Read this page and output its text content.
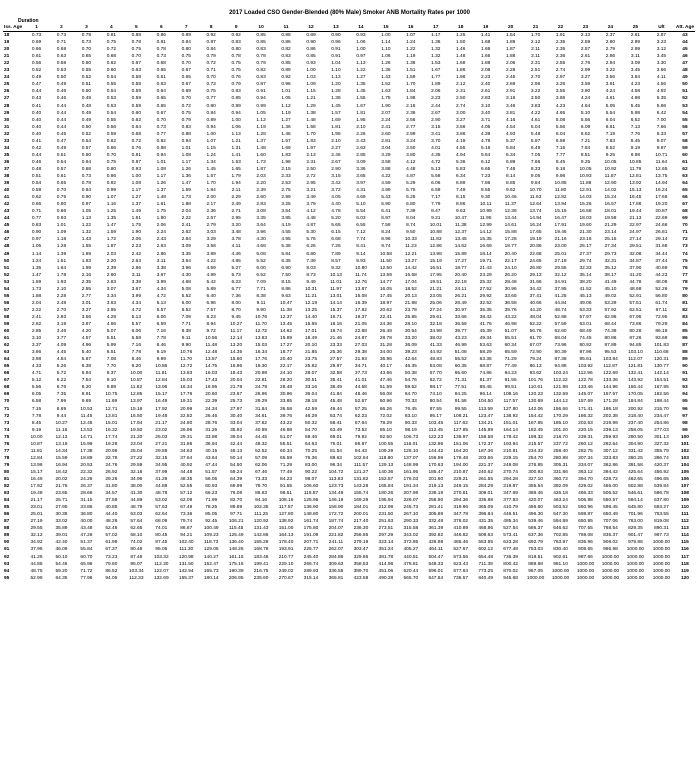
2017 Loaded CSO Gender-Blended (80% Male) Smoker ANB Mortality Rates per 1000
Duration
Iss. Age	1	2	3	4	5	6	7	8	9	10	11	12	13	14	15	16	17	18	19	20	21	22	23	24	25	Ult	Att. Age
18	0.73	0.73	0.79	0.81	0.88	0.86	0.89	0.92	0.92	0.85	0.88	0.89	0.90	0.93	1.00	1.07	1.17	1.25	1.41	1.54	1.70	1.91	2.13	2.37	2.61	2.87	43
19	0.69	0.71	0.73	0.75	0.78	0.81	0.84	0.87	0.83	0.85	0.86	0.90	0.96	1.06	1.14	1.24	1.36	1.50	1.68	1.89	2.12	2.35	2.59	2.80	2.99	3.23	44
20	0.66	0.68	0.70	0.72	0.75	0.78	0.80	0.84	0.80	0.83	0.82	0.86	0.91	1.00	1.10	1.22	1.32	1.46	1.66	1.87	2.11	2.35	2.57	2.79	2.99	3.12	45
21	0.61	0.63	0.65	0.68	0.70	0.73	0.75	0.79	0.78	0.78	0.83	0.85	0.91	0.97	1.06	1.19	1.32	1.48	1.66	1.88	2.11	2.36	2.61	2.86	3.11	3.45	46
22	0.56	0.58	0.60	0.62	0.67	0.68	0.70	0.72	0.75	0.79	0.85	0.93	1.04	1.13	1.26	1.38	1.53	1.68	1.88	2.06	2.31	2.55	2.76	2.94	3.09	3.30	47
23	0.52	0.53	0.55	0.60	0.63	0.65	0.67	0.71	0.75	0.82	0.89	1.00	1.10	1.22	1.36	1.51	1.67	1.86	2.08	2.28	2.51	2.74	2.99	3.22	3.45	3.66	48
24	0.49	0.50	0.52	0.54	0.58	0.61	0.65	0.70	0.76	0.83	0.92	1.03	1.13	1.27	1.43	1.59	1.77	1.98	2.23	2.45	2.70	2.97	3.27	3.56	3.84	4.11	49
25	0.47	0.49	0.51	0.55	0.58	0.63	0.67	0.73	0.79	0.87	0.96	1.09	1.20	1.35	1.52	1.70	1.89	2.12	2.40	2.69	2.96	3.26	3.59	3.91	4.23	4.56	50
26	0.44	0.46	0.50	0.54	0.59	0.64	0.69	0.75	0.83	0.91	1.01	1.15	1.28	1.45	1.63	1.84	2.06	2.31	2.61	2.91	3.22	3.55	3.90	4.24	4.58	4.92	51
27	0.43	0.46	0.49	0.53	0.59	0.65	0.70	0.77	0.85	0.94	1.05	1.21	1.36	1.55	1.75	1.98	2.23	2.50	2.83	3.16	3.50	3.86	4.24	4.61	4.98	5.35	52
28	0.41	0.44	0.48	0.53	0.59	0.65	0.72	0.80	0.89	0.99	1.12	1.29	1.45	1.67	1.90	2.16	2.44	2.74	3.10	3.46	3.83	4.23	4.64	5.05	5.45	5.86	53
29	0.40	0.44	0.49	0.54	0.60	0.67	0.75	0.84	0.94	1.05	1.19	1.38	1.57	1.81	2.07	2.36	2.67	3.00	3.40	3.81	4.22	4.65	5.10	5.54	5.98	6.42	54
30	0.40	0.44	0.49	0.55	0.62	0.70	0.79	0.89	1.00	1.12	1.27	1.48	1.69	1.95	2.24	2.56	2.90	3.27	3.71	4.16	4.61	5.08	5.56	6.04	6.52	7.00	55
31	0.40	0.44	0.50	0.56	0.64	0.73	0.83	0.94	1.06	1.19	1.36	1.58	1.81	2.10	2.41	2.77	3.15	3.56	4.05	4.54	5.04	5.56	6.09	6.61	7.13	7.66	56
32	0.40	0.45	0.52	0.59	0.68	0.77	0.88	1.00	1.13	1.28	1.46	1.70	1.95	2.26	2.60	2.99	3.41	3.86	4.39	4.93	5.48	6.04	6.62	7.19	7.76	8.33	57
33	0.41	0.47	0.54	0.62	0.72	0.82	0.94	1.07	1.21	1.37	1.57	1.83	2.10	2.43	2.81	3.24	3.70	4.19	4.78	5.37	5.97	6.58	7.21	7.83	8.45	9.07	58
34	0.42	0.49	0.57	0.66	0.76	0.88	1.01	1.15	1.31	1.48	1.69	1.97	2.27	2.63	3.04	3.50	4.01	4.55	5.19	5.84	6.49	7.16	7.84	8.52	9.19	9.87	59
35	0.44	0.51	0.60	0.70	0.81	0.94	1.08	1.24	1.41	1.60	1.83	2.13	2.46	2.85	3.29	3.80	4.35	4.94	5.64	6.34	7.05	7.77	8.51	9.25	9.98	10.71	60
36	0.46	0.54	0.64	0.75	0.87	1.01	1.17	1.34	1.53	1.73	1.98	2.31	2.67	3.09	3.58	4.12	4.72	5.36	6.12	6.89	7.66	8.45	9.25	10.05	10.85	11.64	61
37	0.48	0.57	0.68	0.80	0.93	1.08	1.26	1.45	1.65	1.87	2.15	2.50	2.90	3.36	3.88	4.48	5.13	5.83	6.65	7.48	8.33	9.18	10.05	10.92	11.79	12.65	62
38	0.51	0.61	0.73	0.86	1.00	1.17	1.36	1.57	1.79	2.03	2.33	2.72	3.15	3.65	4.22	4.87	5.58	6.34	7.23	8.14	9.05	9.98	10.93	11.87	12.81	13.75	63
39	0.54	0.65	0.78	0.92	1.08	1.26	1.47	1.70	1.94	2.20	2.53	2.95	3.42	3.97	4.59	5.29	6.06	6.89	7.86	8.85	9.84	10.85	11.88	12.90	13.92	14.94	64
40	0.58	0.70	0.84	0.99	1.17	1.37	1.59	1.84	2.11	2.39	2.75	3.21	3.72	4.31	4.99	5.75	6.59	7.49	8.55	9.62	10.70	11.80	12.91	14.02	15.13	16.24	65
41	0.62	0.75	0.90	1.07	1.27	1.48	1.73	2.00	2.29	2.60	2.99	3.49	4.05	4.69	5.43	6.25	7.17	8.15	9.30	10.46	11.63	12.82	14.03	15.24	16.45	17.66	66
42	0.66	0.80	0.97	1.16	1.37	1.61	1.88	2.17	2.49	2.83	3.25	3.79	4.40	5.10	5.90	6.80	7.79	8.86	10.11	11.37	12.64	13.94	15.26	16.57	17.88	19.20	67
43	0.71	0.86	1.05	1.25	1.49	1.75	2.04	2.36	2.71	3.08	3.54	4.12	4.78	5.54	6.41	7.39	8.47	9.63	10.99	12.36	13.74	15.15	16.58	18.01	19.44	20.87	68
44	0.77	0.93	1.13	1.35	1.61	1.90	2.22	2.57	2.95	3.35	3.85	4.48	5.20	6.03	6.97	8.04	9.21	10.47	11.95	13.44	14.94	16.47	18.03	19.58	21.13	22.69	69
45	0.83	1.01	1.22	1.47	1.75	2.06	2.41	2.79	3.20	3.64	4.19	4.87	5.65	6.55	7.58	8.74	10.01	11.38	12.99	14.61	16.24	17.91	19.60	21.29	22.97	24.66	70
46	0.90	1.09	1.32	1.59	1.90	2.24	2.62	3.03	3.48	3.96	4.55	5.30	6.15	7.12	8.24	9.50	10.88	12.37	14.12	15.88	17.65	19.46	21.30	23.14	24.97	26.81	71
47	0.97	1.18	1.43	1.72	2.06	2.43	2.84	3.29	3.78	4.30	4.95	5.76	6.68	7.74	8.96	10.33	11.83	13.45	15.35	17.26	19.19	21.16	23.16	25.15	27.14	29.14	72
48	1.05	1.28	1.55	1.87	2.23	2.63	3.09	3.58	4.11	4.68	5.38	6.26	7.26	8.41	9.74	11.23	12.86	14.62	16.69	18.77	20.86	23.00	25.17	27.34	29.51	31.68	73
49	1.14	1.39	1.69	2.03	2.42	2.86	3.35	3.89	4.46	5.08	5.84	6.80	7.89	9.14	10.58	12.21	13.98	15.89	18.14	20.40	22.68	25.01	27.37	29.73	32.08	34.44	74
50	1.24	1.51	1.83	2.20	2.63	3.11	3.64	4.22	4.85	5.52	6.35	7.39	8.57	9.93	11.50	13.27	15.19	17.27	19.71	22.17	24.65	27.18	29.74	32.31	34.87	37.44	75
51	1.35	1.64	1.99	2.39	2.86	3.38	3.96	4.59	5.27	6.00	6.90	8.03	9.32	10.80	12.50	14.42	16.51	18.77	21.43	24.10	26.80	29.55	32.33	35.12	37.90	40.69	76
52	1.47	1.78	2.16	2.60	3.11	3.67	4.30	4.99	5.73	6.52	7.50	8.73	10.13	11.74	13.59	15.68	17.95	20.40	23.29	26.20	29.13	32.12	35.14	38.17	41.20	44.23	77
53	1.59	1.93	2.35	2.83	3.38	3.99	4.68	5.42	6.23	7.09	8.15	9.49	11.01	12.76	14.77	17.04	19.51	22.18	25.32	28.48	31.66	34.91	38.20	41.49	44.78	48.08	78
54	1.73	2.10	2.55	3.07	3.67	4.34	5.08	5.89	6.77	7.71	8.86	10.31	11.97	13.87	16.05	18.52	21.21	24.11	27.52	30.96	34.42	37.95	41.52	45.10	48.68	52.26	79
55	1.88	2.28	2.77	3.34	3.99	4.72	5.52	6.40	7.36	8.38	9.63	11.21	13.01	15.08	17.45	20.13	23.05	26.21	29.92	33.65	37.41	41.25	45.13	49.02	52.91	56.80	80
56	2.04	2.48	3.01	3.63	4.34	5.13	6.00	6.96	8.00	9.11	10.47	12.19	14.14	16.39	18.97	21.88	25.06	28.49	32.52	36.58	40.66	44.84	49.06	53.29	57.51	61.74	81
57	2.22	2.70	3.27	3.95	4.72	5.57	6.52	7.57	8.70	9.90	11.38	13.25	15.37	17.82	20.62	23.78	27.24	30.97	35.35	39.76	44.20	48.74	53.33	57.92	62.51	67.11	82
58	2.41	2.93	3.56	4.29	5.13	6.06	7.09	8.23	9.45	10.76	12.37	14.40	16.71	19.37	22.41	25.85	29.61	33.66	38.42	43.22	48.04	52.98	57.97	62.96	67.95	72.95	83
59	2.62	3.19	3.87	4.66	5.57	6.59	7.71	8.94	10.27	11.70	13.45	15.65	18.16	21.05	24.36	28.10	32.18	36.59	41.76	46.98	52.22	57.59	63.01	68.44	73.86	79.29	84
60	2.85	3.46	4.20	5.07	6.06	7.16	8.38	9.72	11.17	12.72	14.62	17.01	19.74	22.88	26.48	30.54	34.98	39.77	45.39	51.07	56.76	62.60	68.49	74.39	80.28	86.19	85
61	3.10	3.77	4.57	5.51	6.58	7.78	9.11	10.56	12.14	13.83	15.89	18.49	21.46	24.87	28.78	33.20	38.02	43.23	49.34	55.51	61.70	68.04	74.45	80.86	87.26	93.68	86
62	3.37	4.09	4.96	5.99	7.16	8.46	9.90	11.48	13.20	15.03	17.27	20.10	23.33	27.03	31.28	36.09	41.33	46.99	53.63	60.34	67.07	73.96	80.92	87.89	94.85	101.83	87
63	3.66	4.45	5.40	6.51	7.78	9.19	10.76	12.48	14.35	16.34	18.77	21.85	25.36	29.38	34.00	39.23	44.92	51.08	58.29	65.59	72.90	80.39	87.96	95.53	103.10	110.68	88
64	3.98	4.84	5.87	7.08	8.46	9.99	11.70	13.57	15.60	17.76	20.40	23.75	27.57	31.93	36.96	42.64	48.83	55.52	63.36	71.29	79.24	87.38	95.61	103.84	112.07	120.31	89
65	4.33	5.26	6.38	7.70	9.20	10.86	12.72	14.75	16.96	19.30	22.17	25.82	29.97	34.71	40.17	46.35	53.08	60.35	68.87	77.49	86.13	94.98	103.92	112.87	121.81	130.77	90
66	4.71	5.72	6.94	8.37	10.00	11.81	13.83	16.03	18.43	20.98	24.10	28.07	32.58	37.73	43.66	50.38	57.70	65.60	74.86	84.23	93.62	103.24	112.96	122.69	132.41	142.14	91
67	5.12	6.22	7.54	9.10	10.87	12.84	15.03	17.43	20.04	22.81	26.20	30.51	35.41	41.01	47.46	54.76	62.72	71.31	81.37	91.55	101.76	112.22	122.78	133.36	143.92	154.51	92
68	5.56	6.76	8.20	9.89	11.82	13.96	16.34	18.95	21.78	24.79	28.48	33.16	38.49	44.58	51.59	59.52	68.17	77.51	88.45	99.51	110.61	121.98	133.46	144.96	156.44	167.95	93
69	6.05	7.35	8.91	10.75	12.85	15.17	17.76	20.60	23.67	26.95	30.96	36.04	41.84	48.46	56.08	64.70	74.10	84.25	96.14	108.16	120.23	132.59	145.07	157.57	170.05	182.56	94
70	6.58	7.99	9.69	11.69	13.97	16.49	19.31	22.39	25.73	29.29	33.65	39.18	45.48	52.67	60.96	70.33	80.54	91.58	104.50	117.57	130.69	144.12	157.69	171.28	184.84	198.44	95
71	7.15	8.69	10.53	12.71	15.18	17.92	20.99	24.34	27.97	31.84	36.58	42.59	49.44	57.25	66.26	76.45	87.55	99.55	113.59	127.80	142.06	156.66	171.41	186.18	200.92	215.70	96
72	7.78	9.44	11.45	13.81	16.50	19.48	22.82	26.46	30.40	34.61	39.76	46.29	53.74	62.23	72.02	83.10	95.17	108.21	123.47	138.92	154.42	170.29	186.32	202.38	218.40	234.47	97
73	8.45	10.27	12.45	15.01	17.94	21.17	24.80	28.76	33.04	37.62	43.22	50.32	58.41	67.64	78.29	90.33	103.45	117.62	134.21	151.01	167.85	185.10	202.53	219.99	237.40	254.86	98
74	9.19	11.16	13.53	16.32	19.50	23.02	26.96	31.26	35.92	40.89	46.98	54.70	63.49	73.52	85.10	98.19	112.45	127.85	145.89	164.14	182.45	201.20	220.15	239.13	258.05	277.03	99
75	10.00	12.13	14.71	17.74	21.20	25.03	29.31	33.98	39.04	44.45	51.07	59.46	69.01	79.92	92.50	106.73	122.23	138.97	158.58	178.42	198.32	218.70	239.31	259.93	280.50	301.13	100
76	10.87	13.19	15.99	19.28	23.04	27.21	31.86	36.94	42.44	48.32	55.51	64.63	75.01	86.87	100.55	116.01	132.86	151.06	172.37	193.94	215.57	237.72	260.12	282.54	304.90	327.32	101
77	11.81	14.34	17.38	20.96	25.04	29.58	34.63	40.15	46.13	52.52	60.34	70.25	81.54	94.43	109.29	126.10	144.42	164.20	187.36	210.81	234.32	258.40	282.75	307.12	331.42	355.79	102
78	12.84	15.59	18.89	22.78	27.22	32.15	37.64	43.64	50.14	57.09	65.59	76.36	88.63	102.64	118.80	137.07	156.98	178.48	203.66	229.15	254.70	280.88	307.34	333.83	360.25	386.74	103
79	13.96	16.94	20.53	24.76	29.59	34.95	40.92	47.44	54.50	62.06	71.29	83.00	96.34	111.57	129.13	148.99	170.63	194.00	221.37	249.08	276.85	305.31	334.07	362.86	391.58	420.37	104
80	15.17	18.42	22.32	26.92	32.16	37.99	44.48	51.57	59.24	67.46	77.49	90.22	104.72	121.27	140.36	161.95	185.47	210.87	240.62	270.74	300.93	331.86	363.12	394.42	425.64	456.92	105
81	16.49	20.02	24.26	29.26	34.96	41.29	48.35	56.05	64.39	73.33	84.23	98.07	113.83	131.82	152.57	176.03	201.60	229.21	261.55	294.28	327.10	360.72	394.70	428.72	462.65	496.65	106
82	17.92	21.76	26.37	31.80	38.00	44.88	52.55	60.93	69.99	79.70	91.55	106.60	123.73	143.28	165.84	191.34	219.13	249.15	284.29	319.87	355.54	392.09	429.02	466.00	502.88	539.84	107
83	19.48	23.65	28.66	34.57	41.30	48.78	57.12	66.23	76.08	86.63	99.51	115.87	134.49	155.74	180.26	207.98	238.19	270.81	309.01	347.69	386.46	426.18	466.33	506.52	546.61	586.78	108
84	21.17	25.71	31.15	37.58	44.89	53.02	62.09	71.99	82.70	94.16	108.16	125.95	146.19	169.29	195.94	226.07	258.90	294.36	335.88	377.93	420.07	463.24	506.88	550.57	594.14	637.80	109
85	23.01	27.95	33.86	40.85	48.79	57.63	67.49	78.25	89.89	102.35	117.57	136.90	158.90	184.01	212.98	245.73	281.41	319.96	365.09	410.79	456.60	503.52	550.96	598.45	645.80	693.27	110
86	25.01	30.38	36.80	44.40	53.03	62.64	73.36	85.05	97.71	111.25	127.80	148.80	172.72	200.01	231.50	267.10	305.88	347.78	396.84	446.51	496.30	547.30	598.87	650.49	701.96	753.55	111
87	27.19	33.02	40.00	48.26	57.64	68.09	79.74	92.45	106.21	120.92	138.92	161.74	187.74	217.40	251.63	290.33	332.48	378.02	431.35	485.34	539.46	594.89	650.95	707.06	763.00	819.08	112
88	29.55	35.89	43.48	52.46	62.65	74.01	86.67	100.49	115.45	131.43	151.00	175.80	204.07	236.30	273.51	315.58	361.39	410.89	468.86	527.54	586.37	646.62	707.55	768.54	829.35	890.31	113
89	32.12	39.01	47.26	57.02	68.10	80.45	94.21	109.23	125.49	142.86	164.13	191.09	221.82	256.85	297.29	343.02	392.82	446.62	509.63	573.41	637.36	702.85	769.08	835.37	901.47	967.73	114
90	34.92	42.40	51.37	61.98	74.02	87.45	102.40	118.73	136.40	155.28	178.40	207.71	241.11	279.19	323.14	372.85	426.98	485.46	553.95	623.28	692.79	763.97	835.96	908.02	979.86	1000.00	115
91	37.96	46.09	55.84	67.37	80.46	95.05	111.30	129.05	148.26	168.78	193.91	225.77	262.07	303.47	351.24	405.27	464.11	527.67	602.12	677.48	753.03	830.40	908.65	986.98	1000.00	1000.00	116
92	41.26	50.10	60.70	73.23	87.46	103.32	120.98	140.27	161.15	183.46	210.77	245.40	284.86	329.85	381.78	440.51	504.47	573.56	654.48	736.39	818.51	902.61	987.66	1000.00	1000.00	1000.00	117
93	44.85	54.46	65.98	79.60	95.07	112.30	131.50	152.47	175.16	199.41	229.10	266.74	309.63	358.53	414.98	478.81	548.33	623.43	711.39	800.42	889.68	981.10	1000.00	1000.00	1000.00	1000.00	118
94	48.75	59.20	71.72	86.52	103.34	122.07	142.94	165.73	190.39	216.75	249.02	289.93	336.55	389.70	451.06	520.44	596.01	677.64	773.25	870.02	967.05	1000.00	1000.00	1000.00	1000.00	1000.00	119
95	52.99	64.35	77.96	94.05	112.33	132.69	155.37	180.14	206.95	235.60	270.67	315.14	365.81	423.58	490.28	565.70	647.84	736.57	840.49	945.68	1000.00	1000.00	1000.00	1000.00	1000.00	1000.00	120
